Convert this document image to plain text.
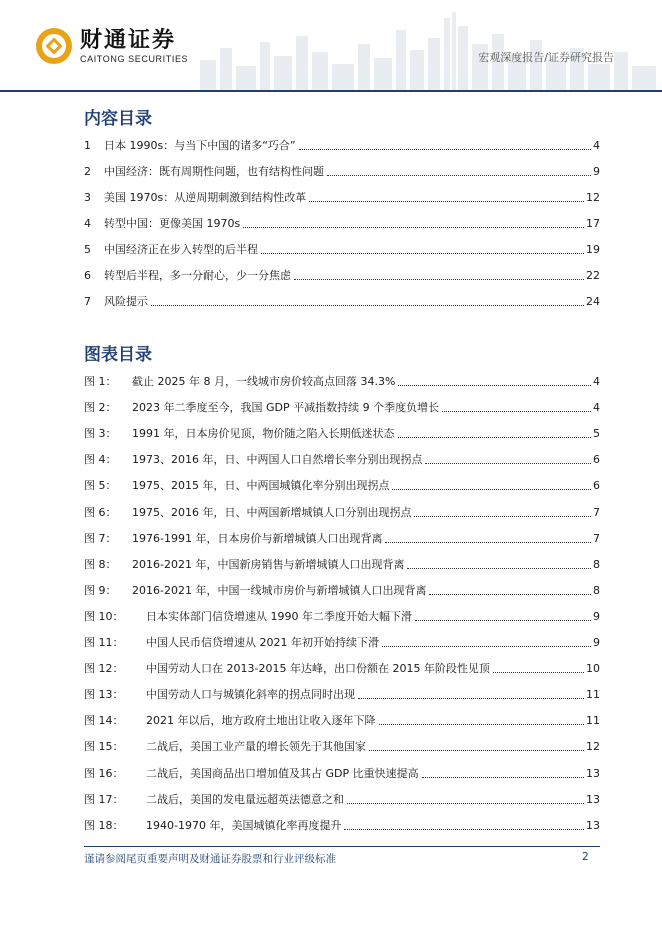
财通证券
CAITONG SECURITIES	宏观深度报告/证券研究报告
内容目录
1	日本 1990s：与当下中国的诸多“巧合”	4
2	中国经济：既有周期性问题，也有结构性问题	9
3	美国 1970s：从逆周期刺激到结构性改革	12
4	转型中国：更像美国 1970s	17
5	中国经济正在步入转型的后半程	19
6	转型后半程，多一分耐心，少一分焦虑	22
7	风险提示	24
图表目录
图 1：	截止 2025 年 8 月，一线城市房价较高点回落 34.3%	4
图 2：	2023 年二季度至今，我国 GDP 平减指数持续 9 个季度负增长	4
图 3：	1991 年，日本房价见顶，物价随之陷入长期低迷状态	5
图 4：	1973、2016 年，日、中两国人口自然增长率分别出现拐点	6
图 5：	1975、2015 年，日、中两国城镇化率分别出现拐点	6
图 6：	1975、2016 年，日、中两国新增城镇人口分别出现拐点	7
图 7：	1976-1991 年，日本房价与新增城镇人口出现背离	7
图 8：	2016-2021 年，中国新房销售与新增城镇人口出现背离	8
图 9：	2016-2021 年，中国一线城市房价与新增城镇人口出现背离	8
图 10：	日本实体部门信贷增速从 1990 年二季度开始大幅下滑	9
图 11：	中国人民币信贷增速从 2021 年初开始持续下滑	9
图 12：	中国劳动人口在 2013-2015 年达峰，出口份额在 2015 年阶段性见顶	10
图 13：	中国劳动人口与城镇化斜率的拐点同时出现	11
图 14：	2021 年以后，地方政府土地出让收入逐年下降	11
图 15：	二战后，美国工业产量的增长领先于其他国家	12
图 16：	二战后，美国商品出口增加值及其占 GDP 比重快速提高	13
图 17：	二战后，美国的发电量远超英法德意之和	13
图 18：	1940-1970 年，美国城镇化率再度提升	13
谨请参阅尾页重要声明及财通证券股票和行业评级标准	2
